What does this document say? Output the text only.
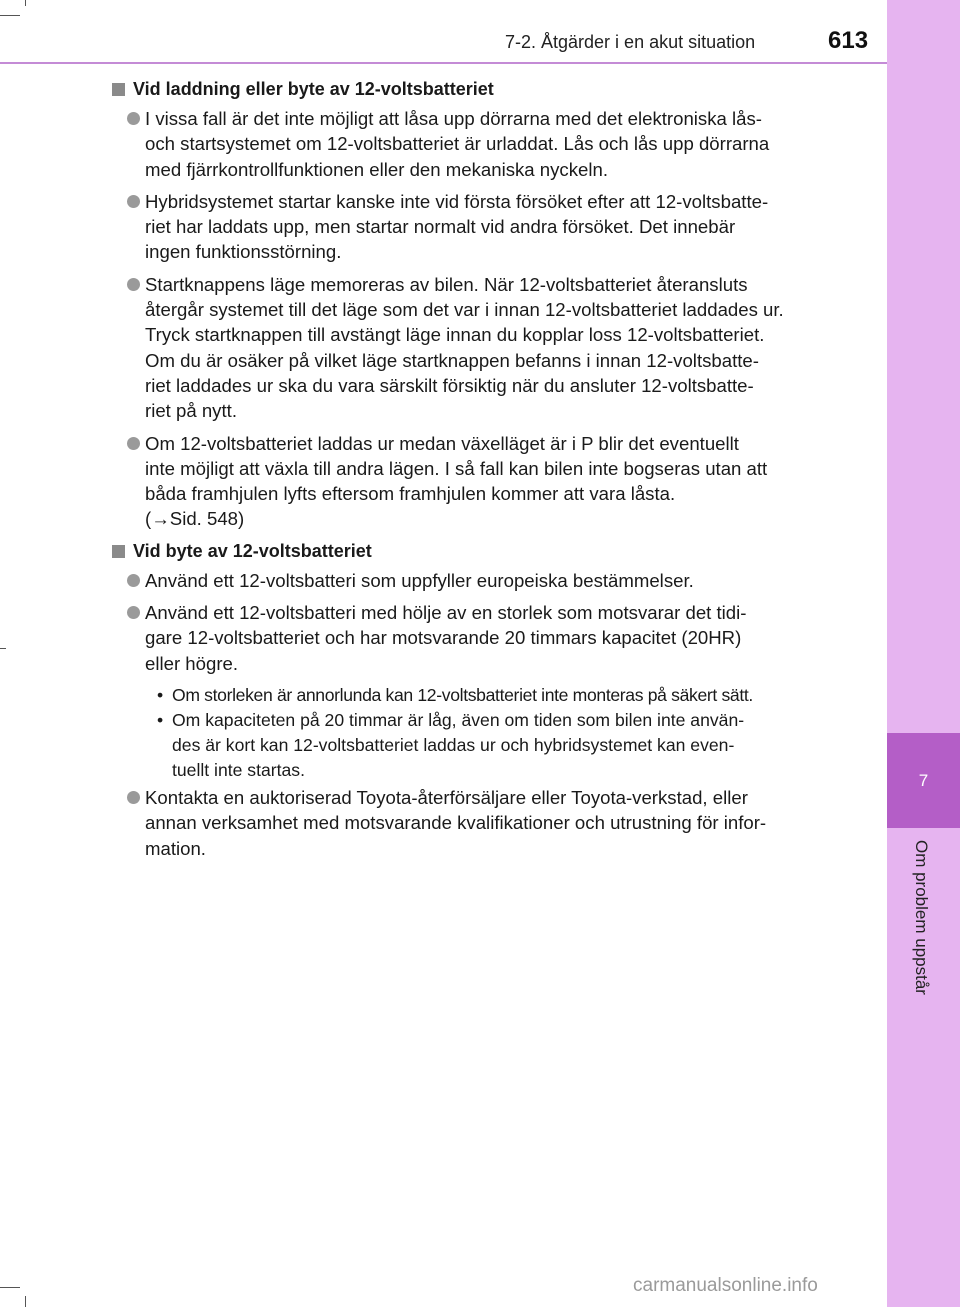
7-2. Åtgärder i en akut situation	613
7
Om problem uppstår
Vid laddning eller byte av 12-voltsbatteriet
I vissa fall är det inte möjligt att låsa upp dörrarna med det elektroniska lås-
och startsystemet om 12-voltsbatteriet är urladdat. Lås och lås upp dörrarna
med fjärrkontrollfunktionen eller den mekaniska nyckeln.
Hybridsystemet startar kanske inte vid första försöket efter att 12-voltsbatte-
riet har laddats upp, men startar normalt vid andra försöket. Det innebär
ingen funktionsstörning.
Startknappens läge memoreras av bilen. När 12-voltsbatteriet återansluts
återgår systemet till det läge som det var i innan 12-voltsbatteriet laddades ur.
Tryck startknappen till avstängt läge innan du kopplar loss 12-voltsbatteriet.
Om du är osäker på vilket läge startknappen befanns i innan 12-voltsbatte-
riet laddades ur ska du vara särskilt försiktig när du ansluter 12-voltsbatte-
riet på nytt.
Om 12-voltsbatteriet laddas ur medan växelläget är i P blir det eventuellt
inte möjligt att växla till andra lägen. I så fall kan bilen inte bogseras utan att
båda framhjulen lyfts eftersom framhjulen kommer att vara låsta.
(→Sid. 548)
Vid byte av 12-voltsbatteriet
Använd ett 12-voltsbatteri som uppfyller europeiska bestämmelser.
Använd ett 12-voltsbatteri med hölje av en storlek som motsvarar det tidi-
gare 12-voltsbatteriet och har motsvarande 20 timmars kapacitet (20HR)
eller högre.
• Om storleken är annorlunda kan 12-voltsbatteriet inte monteras på säkert sätt.
• Om kapaciteten på 20 timmar är låg, även om tiden som bilen inte använ-
des är kort kan 12-voltsbatteriet laddas ur och hybridsystemet kan even-
tuellt inte startas.
Kontakta en auktoriserad Toyota-återförsäljare eller Toyota-verkstad, eller
annan verksamhet med motsvarande kvalifikationer och utrustning för infor-
mation.
carmanualsonline.info
